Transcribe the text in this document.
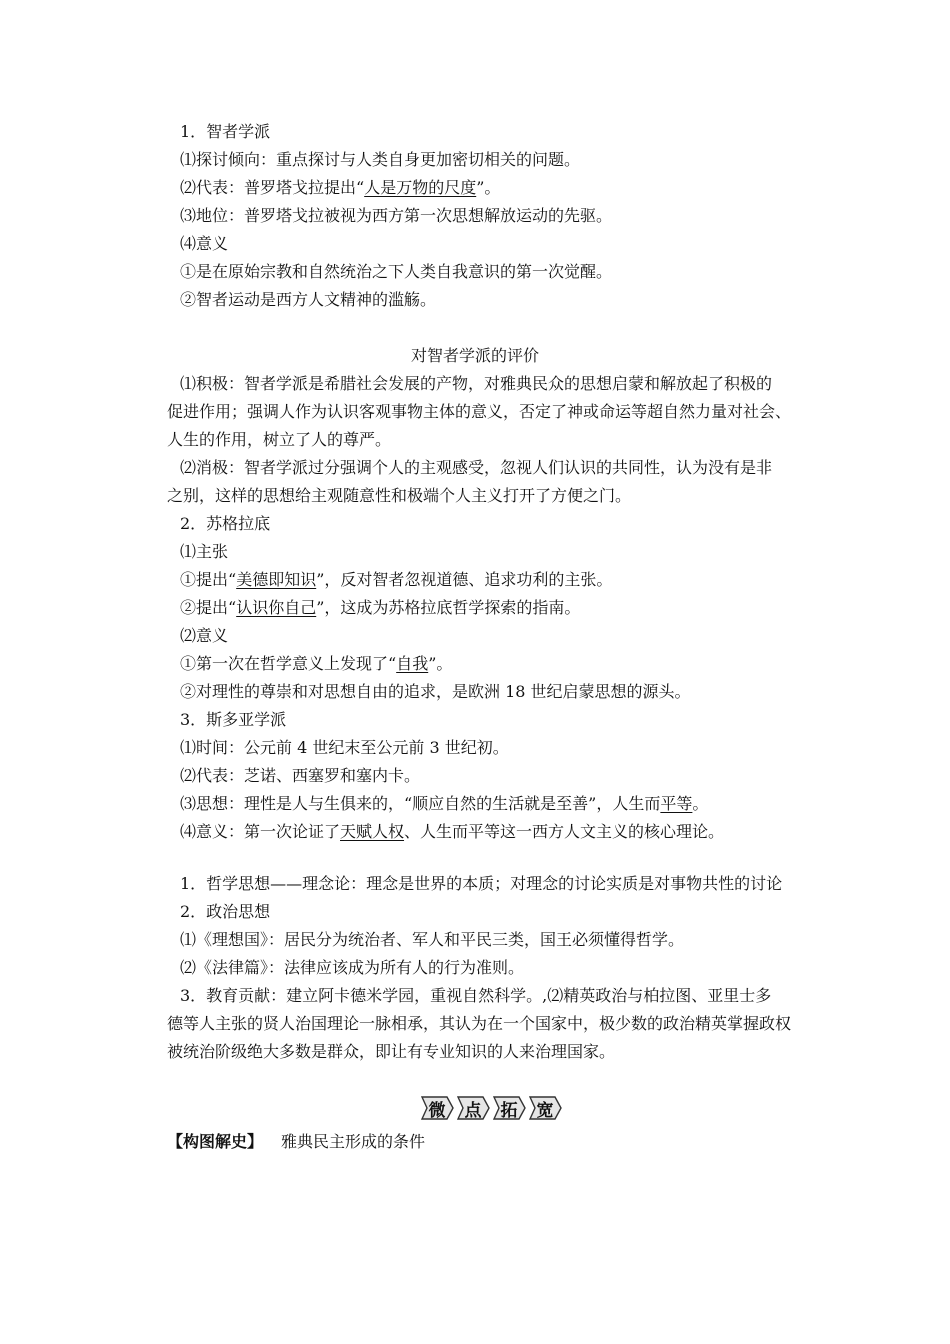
1．智者学派
⑴探讨倾向：重点探讨与人类自身更加密切相关的问题。
⑵代表：普罗塔戈拉提出“人是万物的尺度”。
⑶地位：普罗塔戈拉被视为西方第一次思想解放运动的先驱。
⑷意义
①是在原始宗教和自然统治之下人类自我意识的第一次觉醒。
②智者运动是西方人文精神的滥觞。
对智者学派的评价
⑴积极：智者学派是希腊社会发展的产物，对雅典民众的思想启蒙和解放起了积极的
促进作用；强调人作为认识客观事物主体的意义，否定了神或命运等超自然力量对社会、
人生的作用，树立了人的尊严。
⑵消极：智者学派过分强调个人的主观感受，忽视人们认识的共同性，认为没有是非
之别，这样的思想给主观随意性和极端个人主义打开了方便之门。
2．苏格拉底
⑴主张
①提出“美德即知识”，反对智者忽视道德、追求功利的主张。
②提出“认识你自己”，这成为苏格拉底哲学探索的指南。
⑵意义
①第一次在哲学意义上发现了“自我”。
②对理性的尊崇和对思想自由的追求，是欧洲 18 世纪启蒙思想的源头。
3．斯多亚学派
⑴时间：公元前 4 世纪末至公元前 3 世纪初。
⑵代表：芝诺、西塞罗和塞内卡。
⑶思想：理性是人与生俱来的，“顺应自然的生活就是至善”，人生而平等。
⑷意义：第一次论证了天赋人权、人生而平等这一西方人文主义的核心理论。
1．哲学思想——理念论：理念是世界的本质；对理念的讨论实质是对事物共性的讨论
2．政治思想
⑴《理想国》：居民分为统治者、军人和平民三类，国王必须懂得哲学。
⑵《法律篇》：法律应该成为所有人的行为准则。
3．教育贡献：建立阿卡德米学园，重视自然科学。,⑵精英政治与柏拉图、亚里士多
德等人主张的贤人治国理论一脉相承，其认为在一个国家中，极少数的政治精英掌握政权
被统治阶级绝大多数是群众，即让有专业知识的人来治理国家。
微 点 拓 宽
【构图解史】 雅典民主形成的条件
